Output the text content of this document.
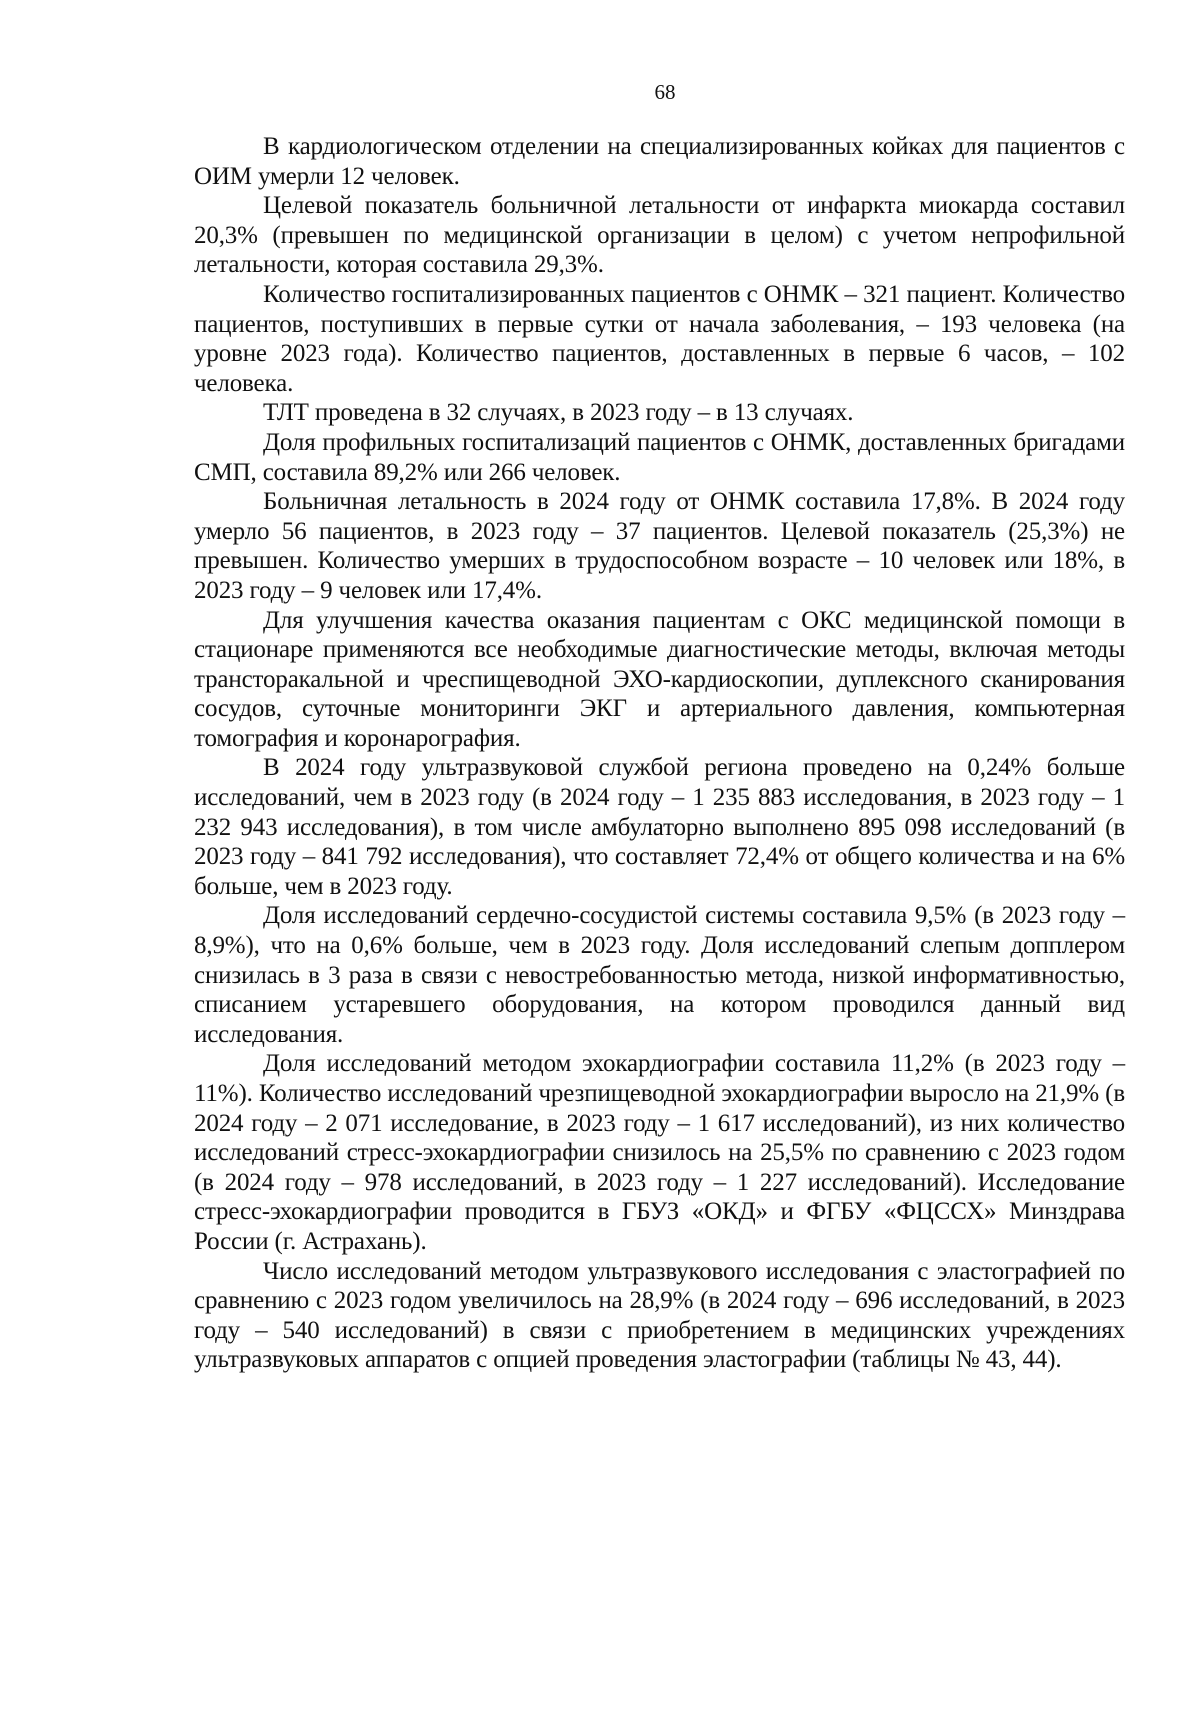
68

В кардиологическом отделении на специализированных койках для пациентов с ОИМ умерли 12 человек.

Целевой показатель больничной летальности от инфаркта миокарда составил 20,3% (превышен по медицинской организации в целом) с учетом непрофильной летальности, которая составила 29,3%.

Количество госпитализированных пациентов с ОНМК – 321 пациент. Количество пациентов, поступивших в первые сутки от начала заболевания, – 193 человека (на уровне 2023 года). Количество пациентов, доставленных в первые 6 часов, – 102 человека.

ТЛТ проведена в 32 случаях, в 2023 году – в 13 случаях.

Доля профильных госпитализаций пациентов с ОНМК, доставленных бригадами СМП, составила 89,2% или 266 человек.

Больничная летальность в 2024 году от ОНМК составила 17,8%. В 2024 году умерло 56 пациентов, в 2023 году – 37 пациентов. Целевой показатель (25,3%) не превышен. Количество умерших в трудоспособном возрасте – 10 человек или 18%, в 2023 году – 9 человек или 17,4%.

Для улучшения качества оказания пациентам с ОКС медицинской помощи в стационаре применяются все необходимые диагностические методы, включая методы трансторакальной и чреспищеводной ЭХО-кардиоскопии, дуплексного сканирования сосудов, суточные мониторинги ЭКГ и артериального давления, компьютерная томография и коронарография.

В 2024 году ультразвуковой службой региона проведено на 0,24% больше исследований, чем в 2023 году (в 2024 году – 1 235 883 исследования, в 2023 году – 1 232 943 исследования), в том числе амбулаторно выполнено 895 098 исследований (в 2023 году – 841 792 исследования), что составляет 72,4% от общего количества и на 6% больше, чем в 2023 году.

Доля исследований сердечно-сосудистой системы составила 9,5% (в 2023 году – 8,9%), что на 0,6% больше, чем в 2023 году. Доля исследований слепым допплером снизилась в 3 раза в связи с невостребованностью метода, низкой информативностью, списанием устаревшего оборудования, на котором проводился данный вид исследования.

Доля исследований методом эхокардиографии составила 11,2% (в 2023 году – 11%). Количество исследований чрезпищеводной эхокардиографии выросло на 21,9% (в 2024 году – 2 071 исследование, в 2023 году – 1 617 исследований), из них количество исследований стресс-эхокардиографии снизилось на 25,5% по сравнению с 2023 годом (в 2024 году – 978 исследований, в 2023 году – 1 227 исследований). Исследование стресс-эхокардиографии проводится в ГБУЗ «ОКД» и ФГБУ «ФЦССХ» Минздрава России (г. Астрахань).

Число исследований методом ультразвукового исследования с эластографией по сравнению с 2023 годом увеличилось на 28,9% (в 2024 году – 696 исследований, в 2023 году – 540 исследований) в связи с приобретением в медицинских учреждениях ультразвуковых аппаратов с опцией проведения эластографии (таблицы № 43, 44).
